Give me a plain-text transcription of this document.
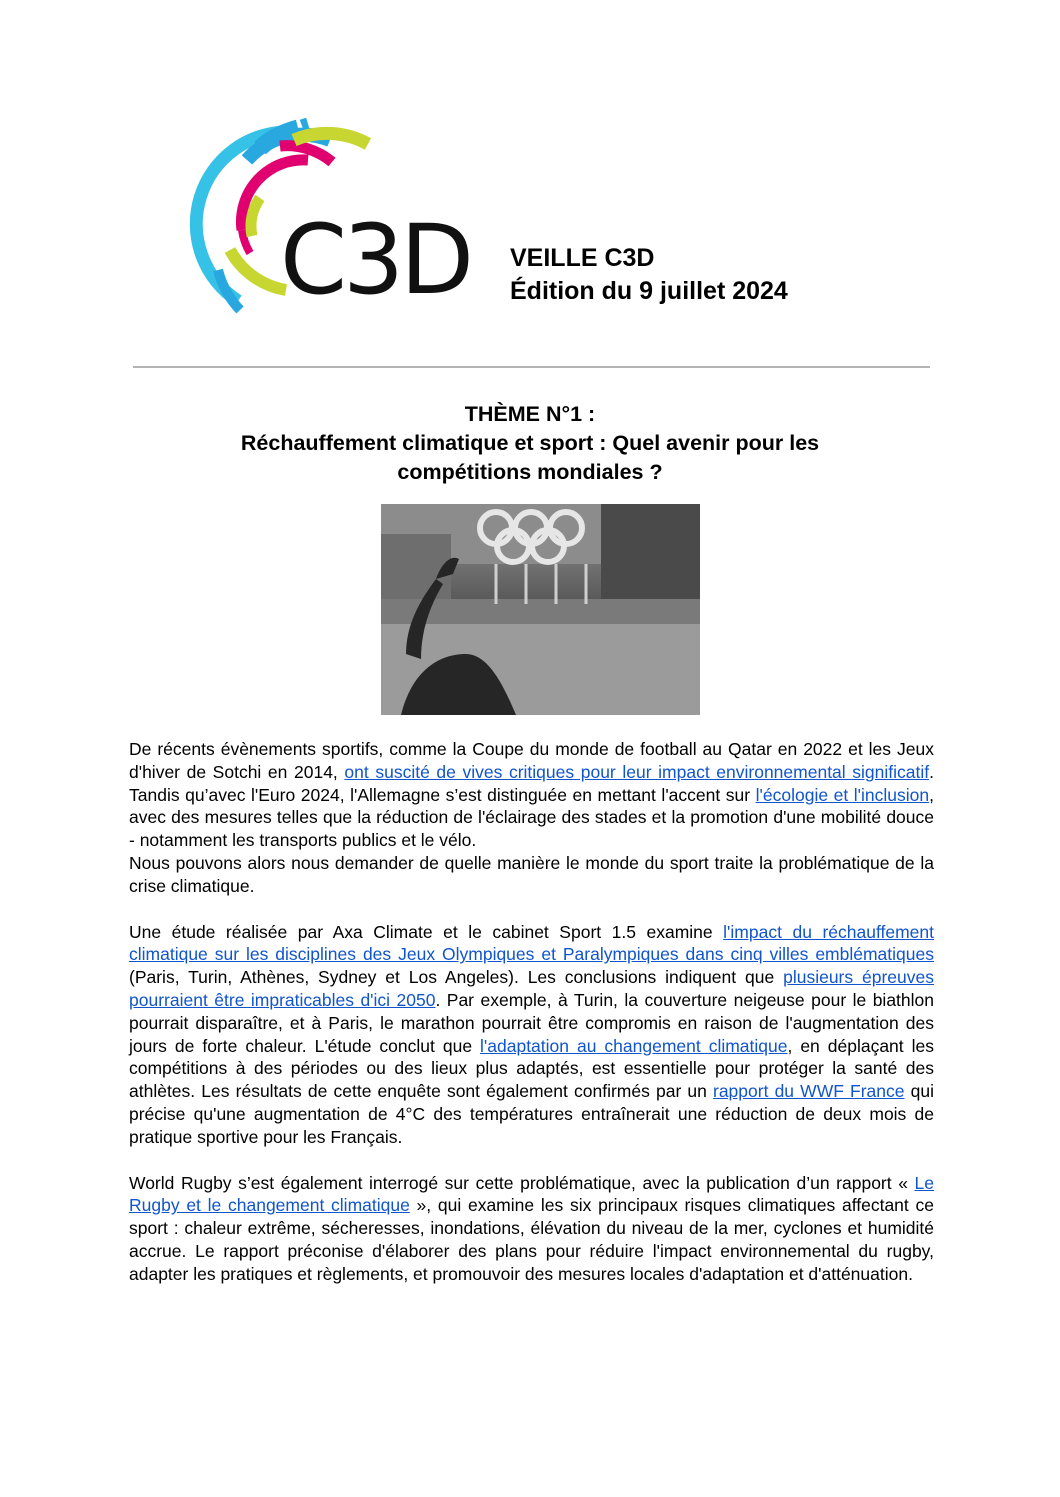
C3D VEILLE C3D
Édition du 9 juillet 2024
THÈME N°1 :
Réchauffement climatique et sport : Quel avenir pour les
compétitions mondiales ?

De récents évènements sportifs, comme la Coupe du monde de football au Qatar en 2022 et les Jeux d'hiver de Sotchi en 2014, ont suscité de vives critiques pour leur impact environnemental significatif. Tandis qu’avec l'Euro 2024, l'Allemagne s’est distinguée en mettant l'accent sur l'écologie et l'inclusion, avec des mesures telles que la réduction de l'éclairage des stades et la promotion d'une mobilité douce - notamment les transports publics et le vélo.

Nous pouvons alors nous demander de quelle manière le monde du sport traite la problématique de la crise climatique.

Une étude réalisée par Axa Climate et le cabinet Sport 1.5 examine l'impact du réchauffement climatique sur les disciplines des Jeux Olympiques et Paralympiques dans cinq villes emblématiques (Paris, Turin, Athènes, Sydney et Los Angeles). Les conclusions indiquent que plusieurs épreuves pourraient être impraticables d'ici 2050. Par exemple, à Turin, la couverture neigeuse pour le biathlon pourrait disparaître, et à Paris, le marathon pourrait être compromis en raison de l'augmentation des jours de forte chaleur. L'étude conclut que l'adaptation au changement climatique, en déplaçant les compétitions à des périodes ou des lieux plus adaptés, est essentielle pour protéger la santé des athlètes. Les résultats de cette enquête sont également confirmés par un rapport du WWF France qui précise qu'une augmentation de 4°C des températures entraînerait une réduction de deux mois de pratique sportive pour les Français.

World Rugby s’est également interrogé sur cette problématique, avec la publication d’un rapport « Le Rugby et le changement climatique », qui examine les six principaux risques climatiques affectant ce sport : chaleur extrême, sécheresses, inondations, élévation du niveau de la mer, cyclones et humidité accrue. Le rapport préconise d'élaborer des plans pour réduire l'impact environnemental du rugby, adapter les pratiques et règlements, et promouvoir des mesures locales d'adaptation et d'atténuation.
